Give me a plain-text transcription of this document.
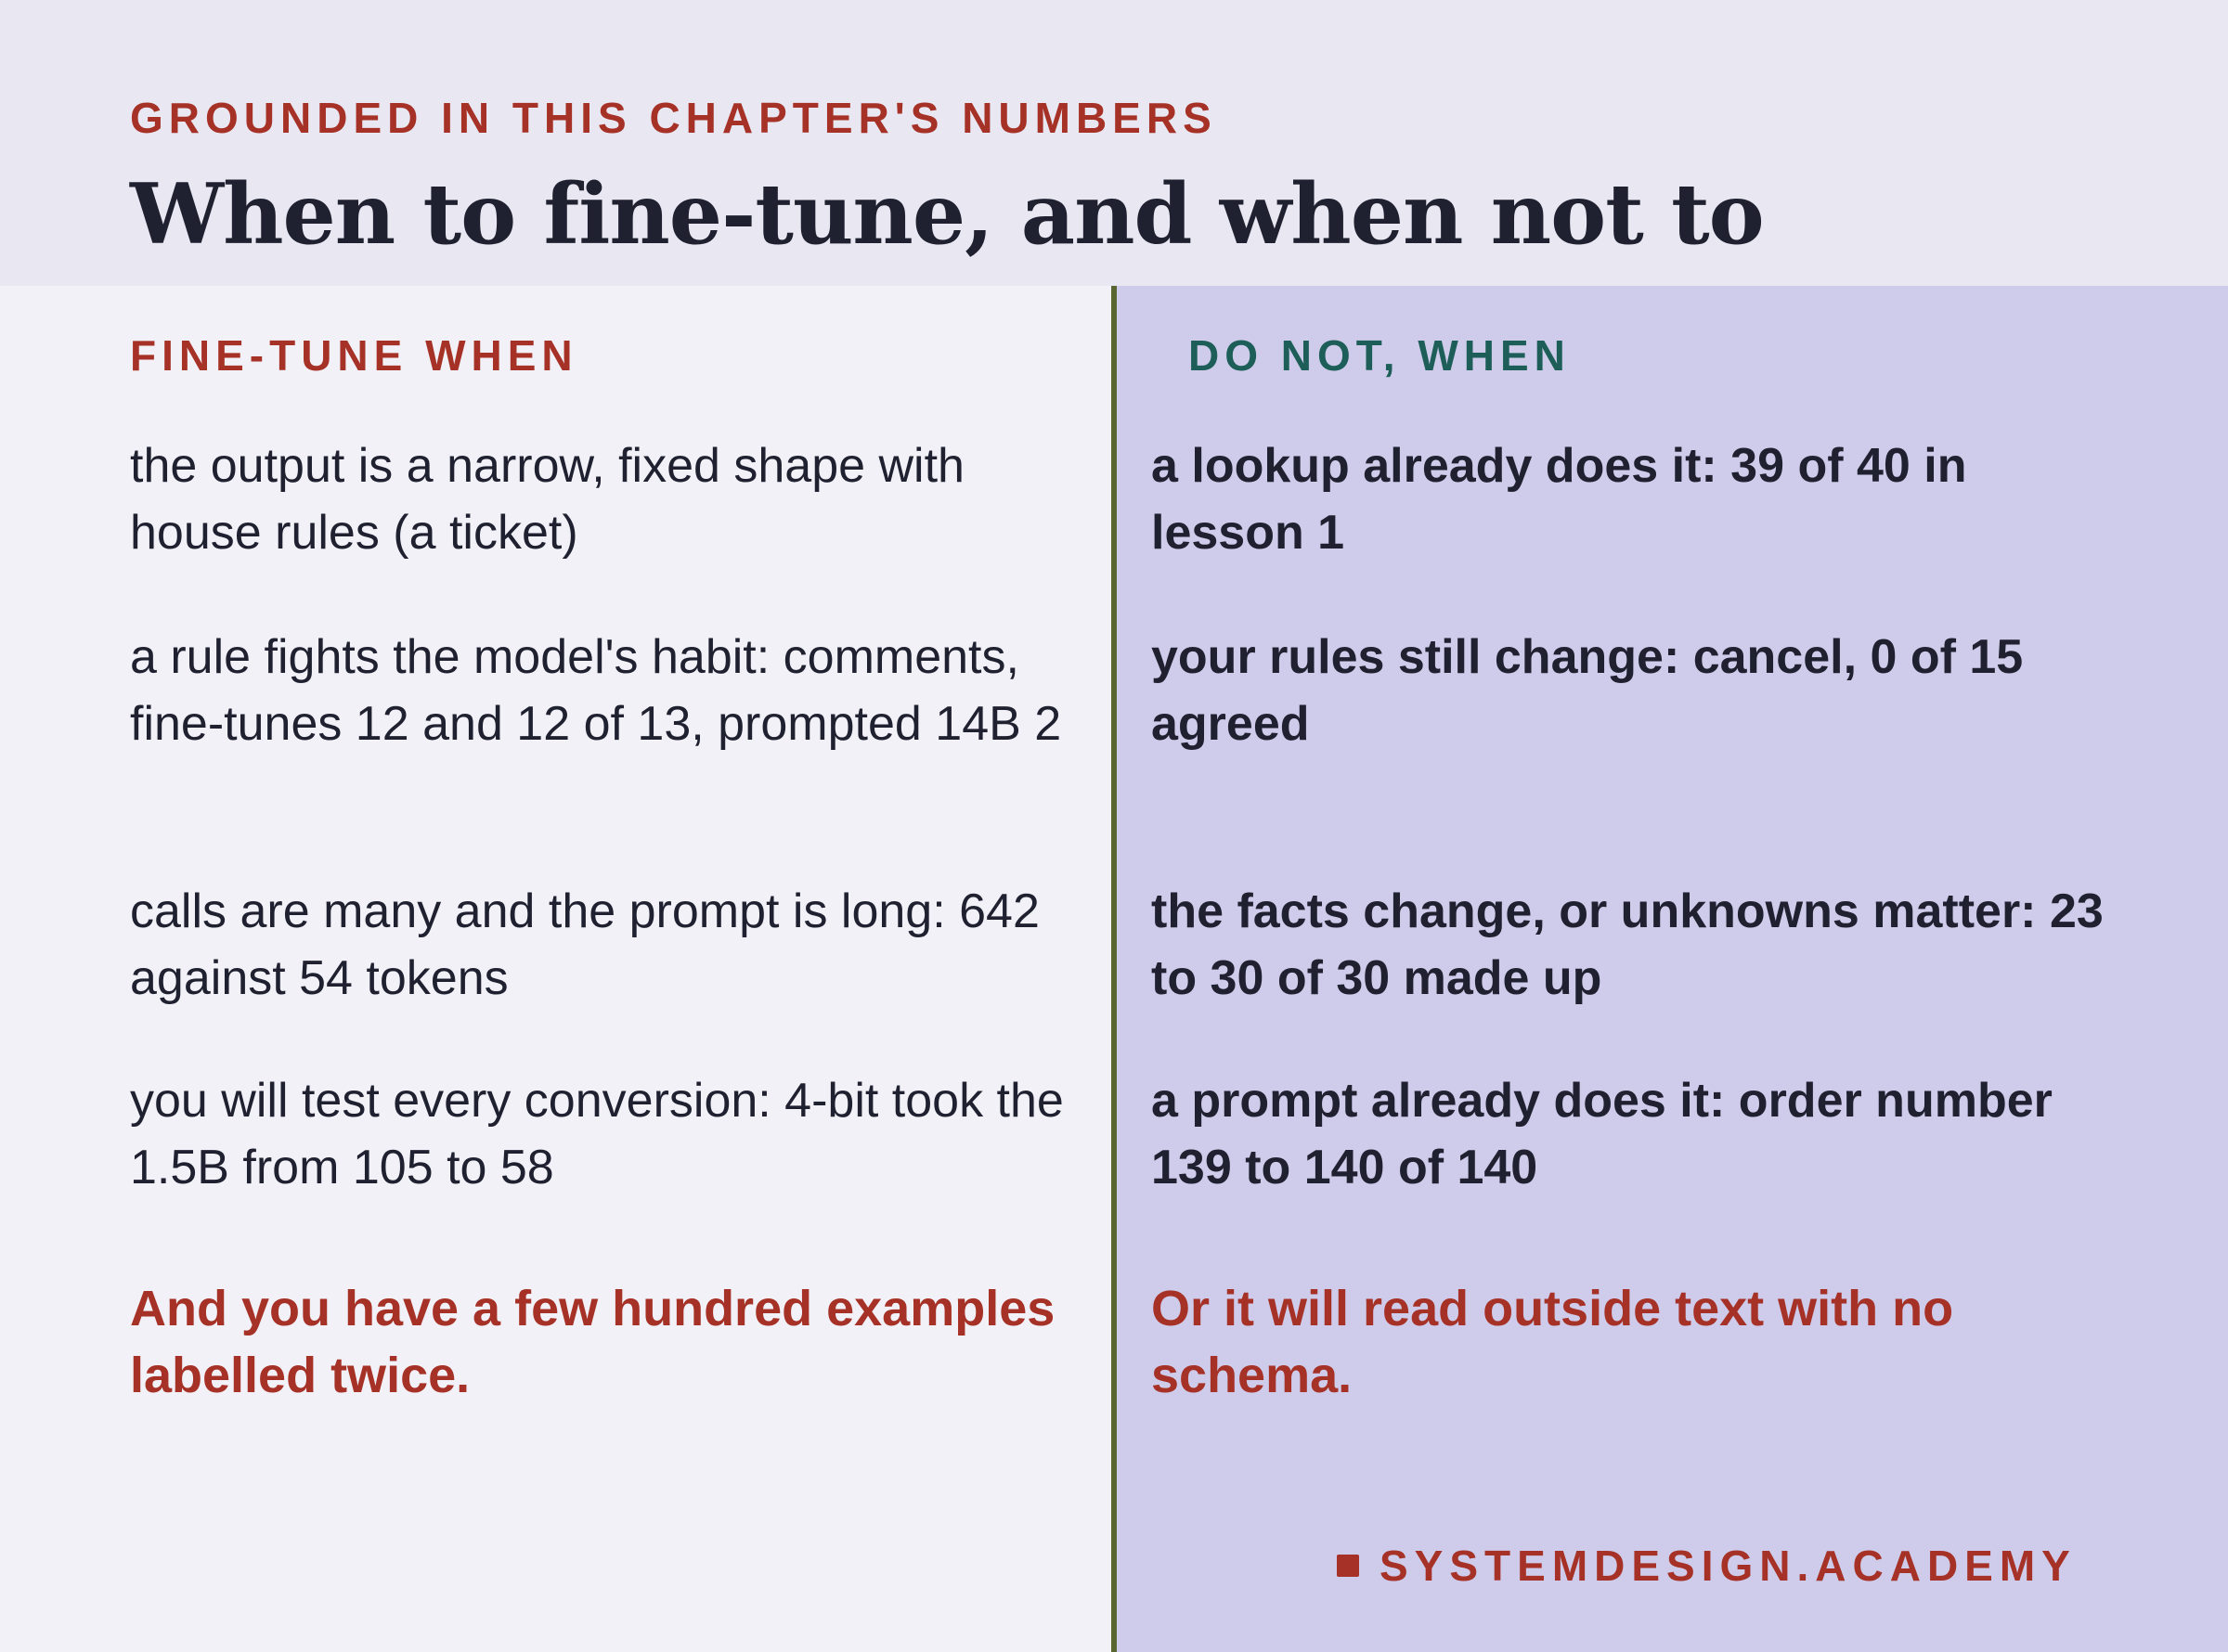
GROUNDED IN THIS CHAPTER'S NUMBERS
When to fine-tune, and when not to
FINE-TUNE WHEN	DO NOT, WHEN
the output is a narrow, fixed shape with house rules (a ticket)
a rule fights the model's habit: comments, fine-tunes 12 and 12 of 13, prompted 14B 2
calls are many and the prompt is long: 642 against 54 tokens
you will test every conversion: 4-bit took the 1.5B from 105 to 58
a lookup already does it: 39 of 40 in lesson 1
your rules still change: cancel, 0 of 15 agreed
the facts change, or unknowns matter: 23 to 30 of 30 made up
a prompt already does it: order number 139 to 140 of 140
And you have a few hundred examples labelled twice.
Or it will read outside text with no schema.
SYSTEMDESIGN.ACADEMY
